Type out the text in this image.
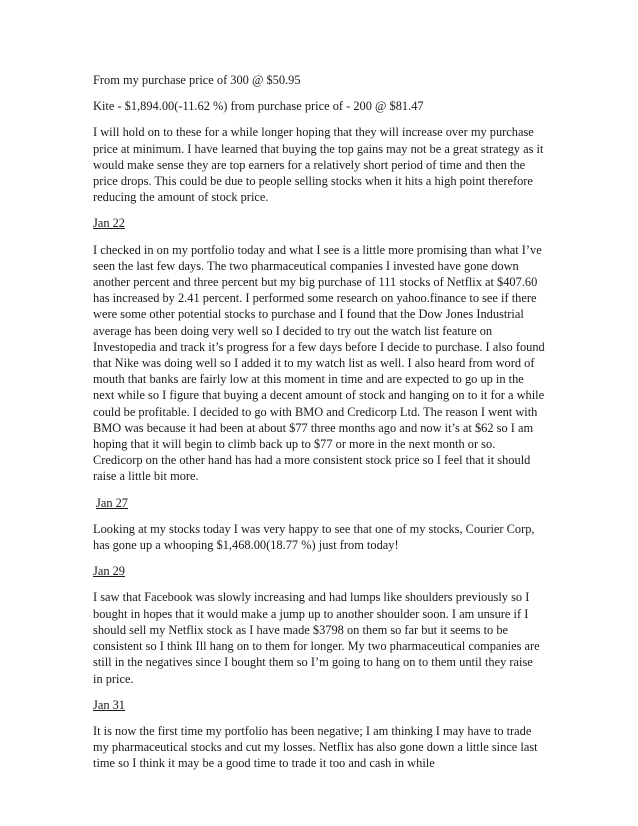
From my purchase price of 300 @ $50.95

Kite - $1,894.00(-11.62 %) from purchase price of - 200 @ $81.47

I will hold on to these for a while longer hoping that they will increase over my purchase price at minimum. I have learned that buying the top gains may not be a great strategy as it would make sense they are top earners for a relatively short period of time and then the price drops. This could be due to people selling stocks when it hits a high point therefore reducing the amount of stock price.

Jan 22

I checked in on my portfolio today and what I see is a little more promising than what I’ve seen the last few days. The two pharmaceutical companies I invested have gone down another percent and three percent but my big purchase of 111 stocks of Netflix at $407.60 has increased by 2.41 percent. I performed some research on yahoo.finance to see if there were some other potential stocks to purchase and I found that the Dow Jones Industrial average has been doing very well so I decided to try out the watch list feature on Investopedia and track it’s progress for a few days before I decide to purchase. I also found that Nike was doing well so I added it to my watch list as well. I also heard from word of mouth that banks are fairly low at this moment in time and are expected to go up in the next while so I figure that buying a decent amount of stock and hanging on to it for a while could be profitable. I decided to go with BMO and Credicorp Ltd. The reason I went with BMO was because it had been at about $77 three months ago and now it’s at $62 so I am hoping that it will begin to climb back up to $77 or more in the next month or so. Credicorp on the other hand has had a more consistent stock price so I feel that it should raise a little bit more.

Jan 27

Looking at my stocks today I was very happy to see that one of my stocks, Courier Corp, has gone up a whooping $1,468.00(18.77 %) just from today!

Jan 29

I saw that Facebook was slowly increasing and had lumps like shoulders previously so I bought in hopes that it would make a jump up to another shoulder soon. I am unsure if I should sell my Netflix stock as I have made $3798 on them so far but it seems to be consistent so I think Ill hang on to them for longer. My two pharmaceutical companies are still in the negatives since I bought them so I’m going to hang on to them until they raise in price.

Jan 31

It is now the first time my portfolio has been negative; I am thinking I may have to trade my pharmaceutical stocks and cut my losses. Netflix has also gone down a little since last time so I think it may be a good time to trade it too and cash in while
